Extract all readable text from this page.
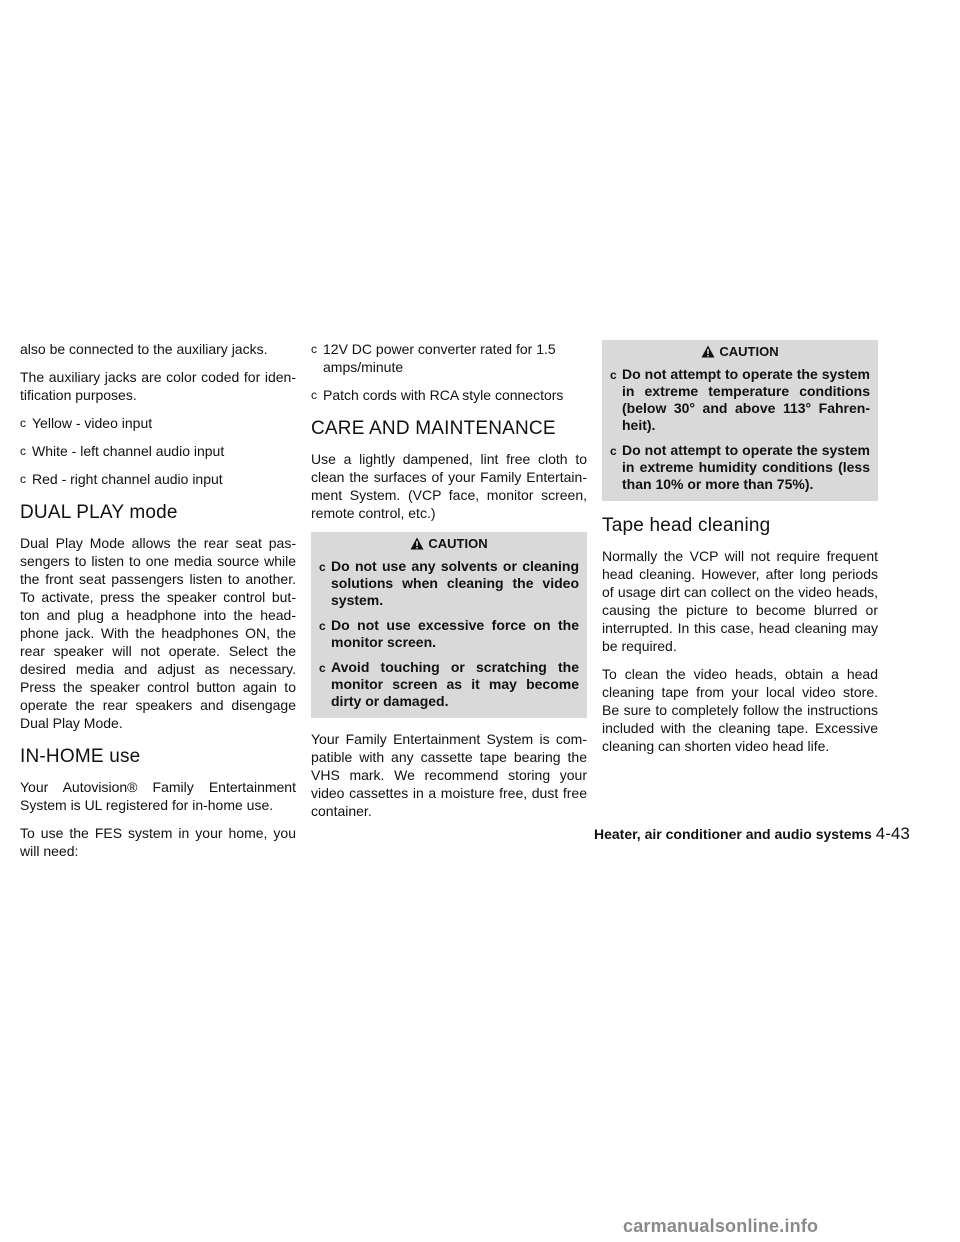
also be connected to the auxiliary jacks.

The auxiliary jacks are color coded for iden-tification purposes.

c Yellow - video input
c White - left channel audio input
c Red - right channel audio input
DUAL PLAY mode

Dual Play Mode allows the rear seat pas-sengers to listen to one media source while the front seat passengers listen to another. To activate, press the speaker control but-ton and plug a headphone into the head-phone jack. With the headphones ON, the rear speaker will not operate. Select the desired media and adjust as necessary. Press the speaker control button again to operate the rear speakers and disengage Dual Play Mode.

IN-HOME use

Your Autovision® Family Entertainment System is UL registered for in-home use.

To use the FES system in your home, you will need:

c 12V DC power converter rated for 1.5 amps/minute
c Patch cords with RCA style connectors
CARE AND MAINTENANCE

Use a lightly dampened, lint free cloth to clean the surfaces of your Family Entertain-ment System. (VCP face, monitor screen, remote control, etc.)

CAUTION
c Do not use any solvents or cleaning solutions when cleaning the video system.
c Do not use excessive force on the monitor screen.
c Avoid touching or scratching the monitor screen as it may become dirty or damaged.

Your Family Entertainment System is com-patible with any cassette tape bearing the VHS mark. We recommend storing your video cassettes in a moisture free, dust free container.

CAUTION
c Do not attempt to operate the system in extreme temperature conditions (below 30° and above 113° Fahren-heit).
c Do not attempt to operate the system in extreme humidity conditions (less than 10% or more than 75%).
Tape head cleaning

Normally the VCP will not require frequent head cleaning. However, after long periods of usage dirt can collect on the video heads, causing the picture to become blurred or interrupted. In this case, head cleaning may be required.

To clean the video heads, obtain a head cleaning tape from your local video store. Be sure to completely follow the instructions included with the cleaning tape. Excessive cleaning can shorten video head life.

Heater, air conditioner and audio systems 4-43
carmanualsonline.info
